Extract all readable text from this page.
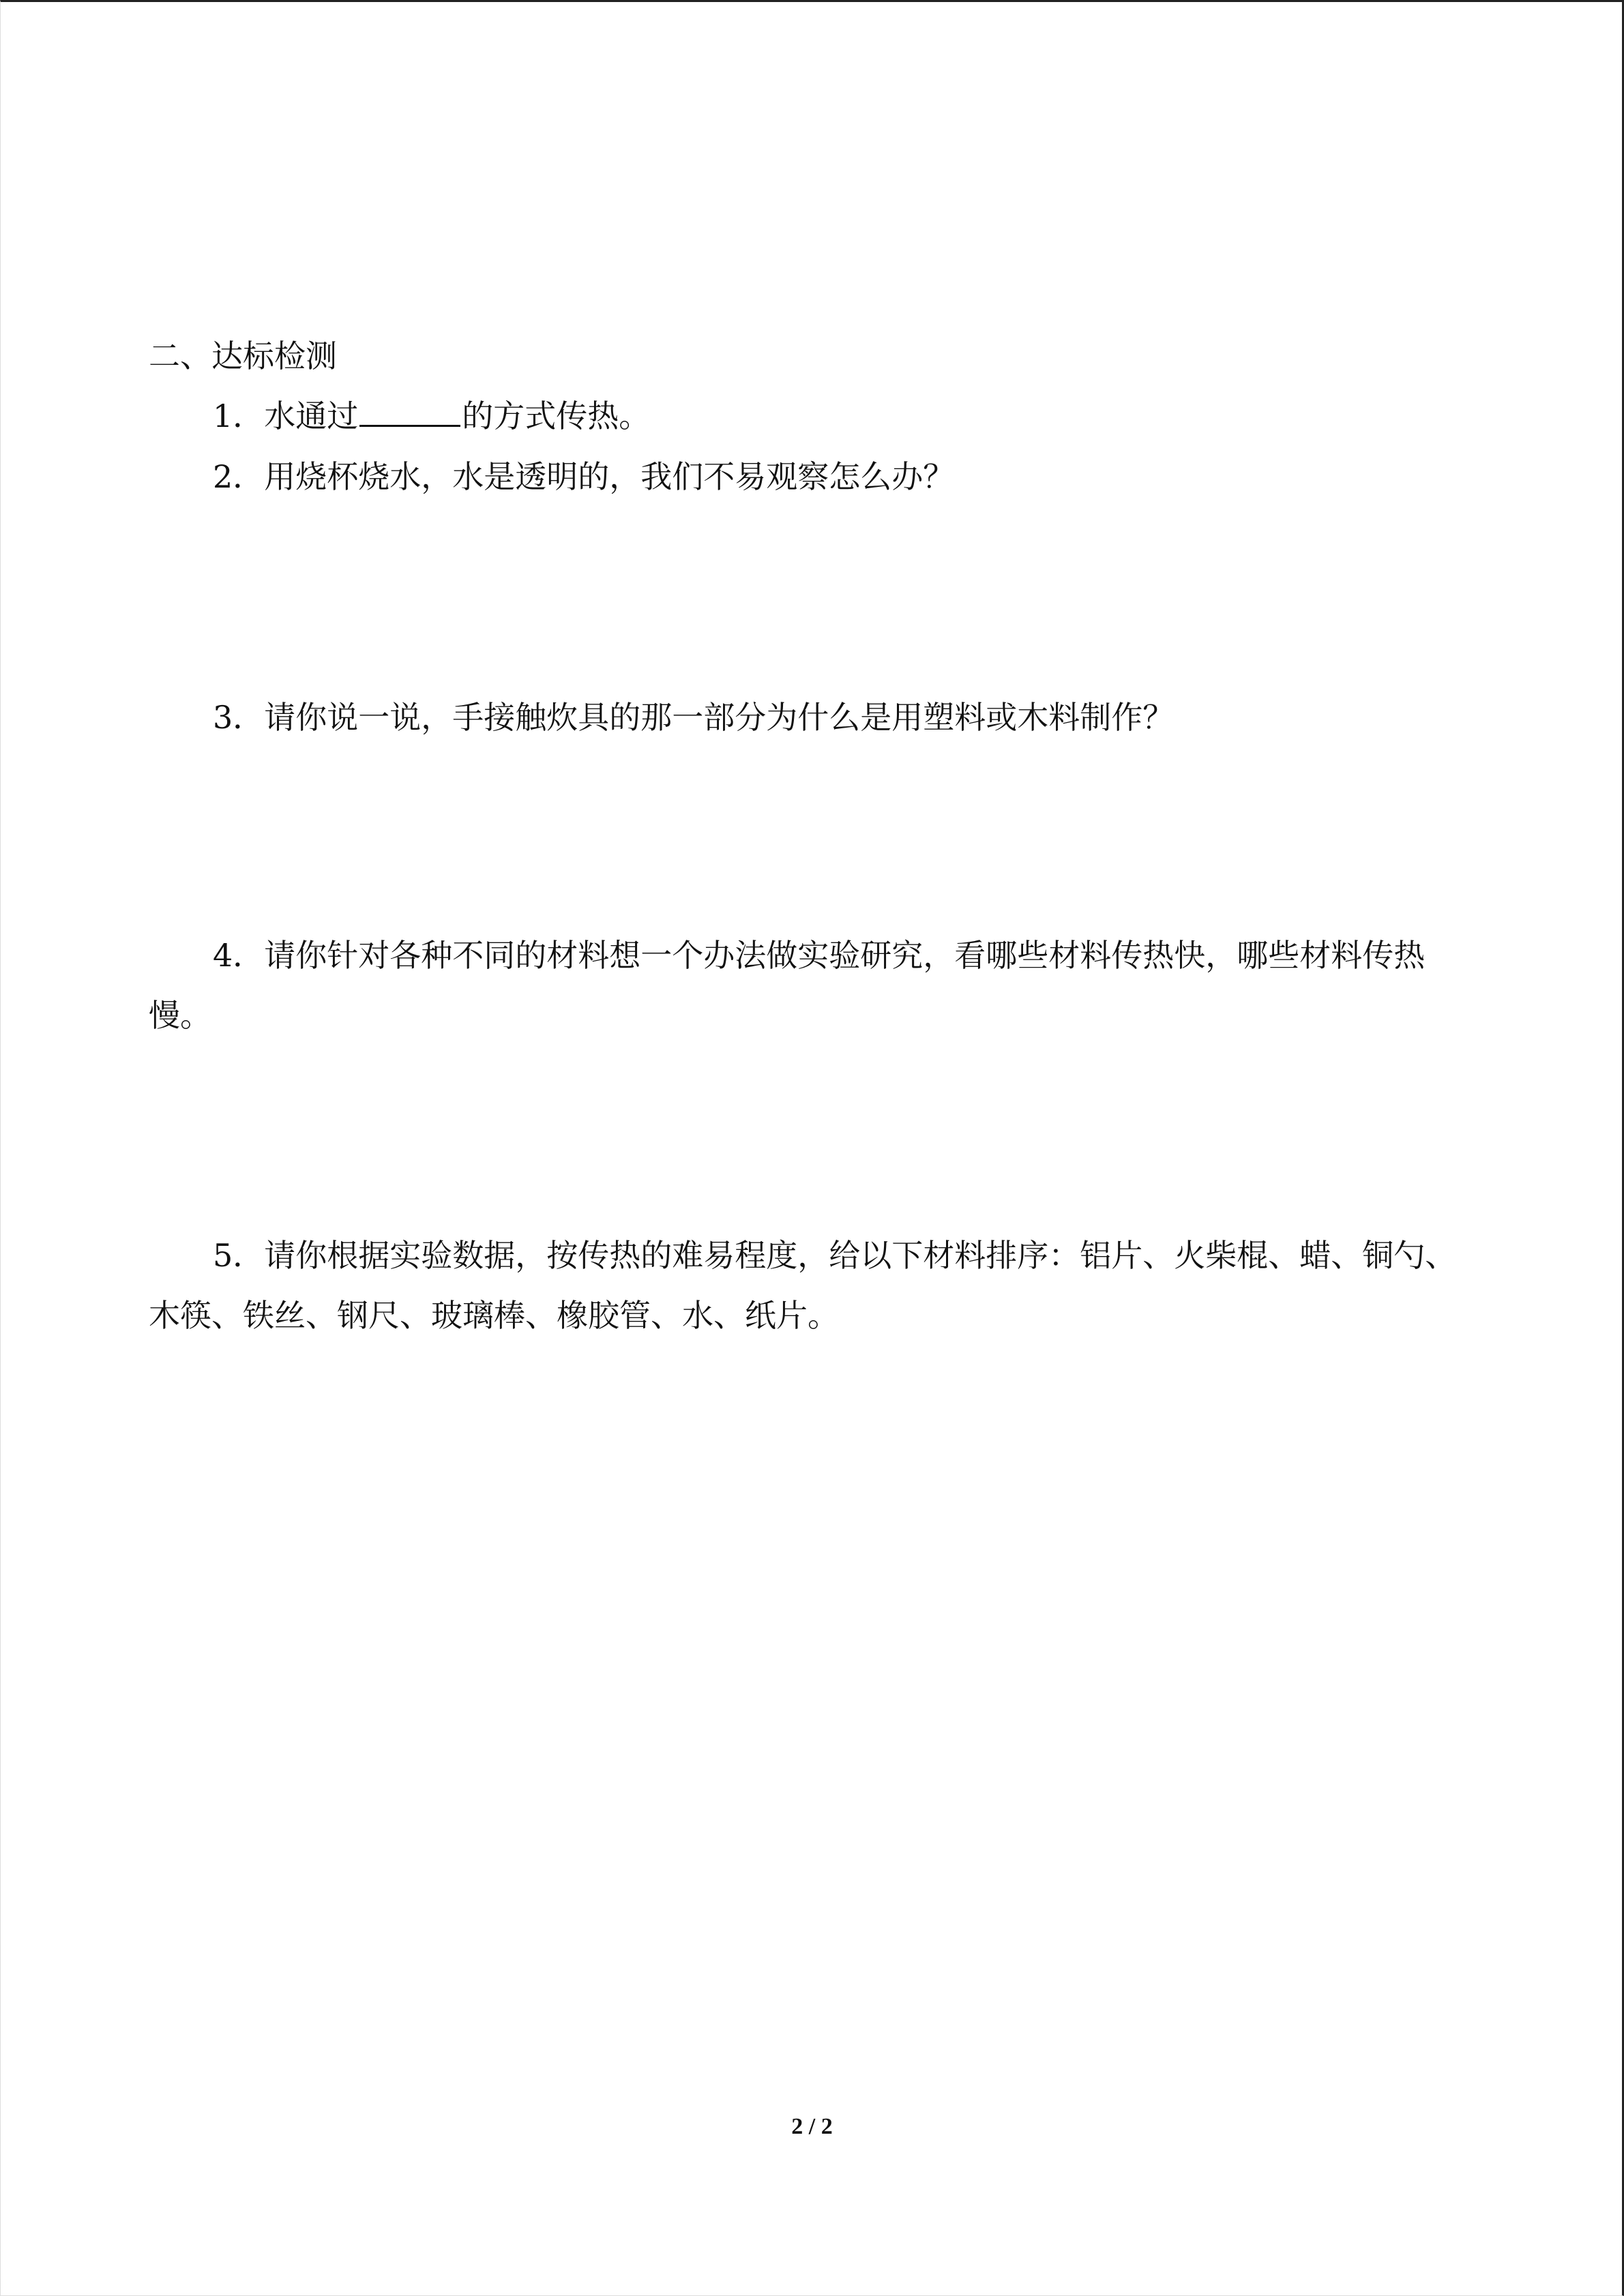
二、达标检测
1．水通过	的方式传热。
2．用烧杯烧水，水是透明的，我们不易观察怎么办？
3．请你说一说，手接触炊具的那一部分为什么是用塑料或木料制作？
4．请你针对各种不同的材料想一个办法做实验研究，看哪些材料传热快，哪些材料传热慢。
5．请你根据实验数据，按传热的难易程度，给以下材料排序：铝片、火柴棍、蜡、铜勺、木筷、铁丝、钢尺、玻璃棒、橡胶管、水、纸片。
2 / 2
